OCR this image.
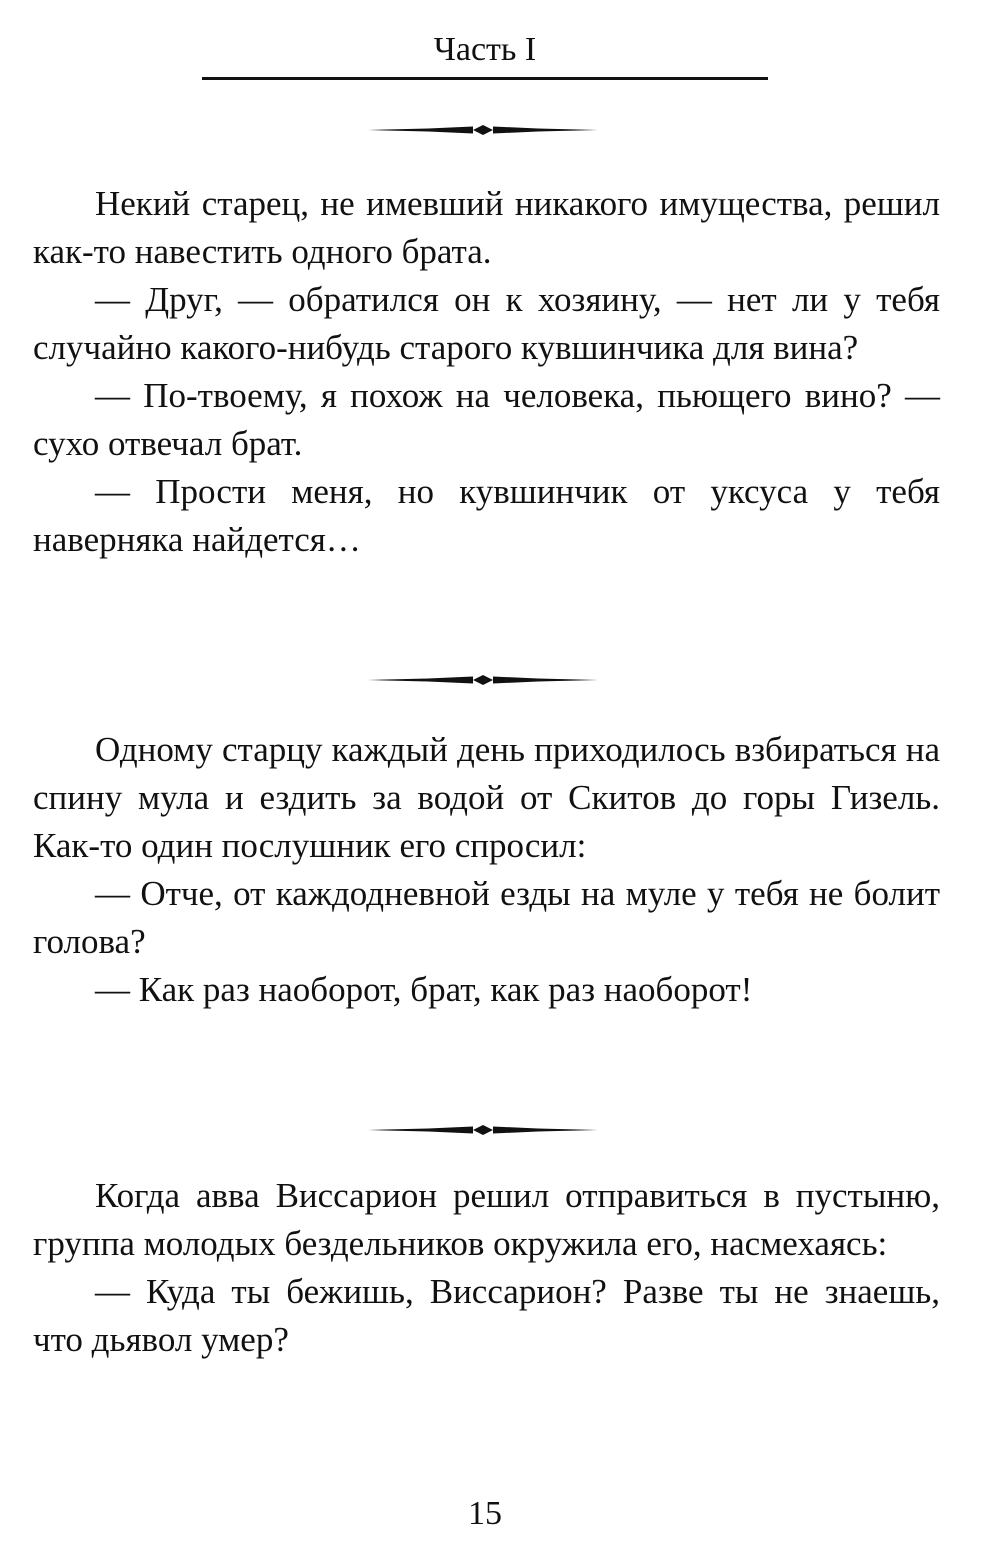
Часть I

Некий старец, не имевший никакого имущества, решил как-то навестить одного брата.

— Друг, — обратился он к хозяину, — нет ли у тебя случайно какого-нибудь старого кувшинчика для вина?

— По-твоему, я похож на человека, пьющего вино? — сухо отвечал брат.

— Прости меня, но кувшинчик от уксуса у тебя наверняка найдется…

Одному старцу каждый день приходилось взбираться на спину мула и ездить за водой от Скитов до горы Гизель. Как-то один послушник его спросил:

— Отче, от каждодневной езды на муле у тебя не болит голова?

— Как раз наоборот, брат, как раз наоборот!

Когда авва Виссарион решил отправиться в пустыню, группа молодых бездельников окружила его, насмехаясь:

— Куда ты бежишь, Виссарион? Разве ты не знаешь, что дьявол умер?

15
